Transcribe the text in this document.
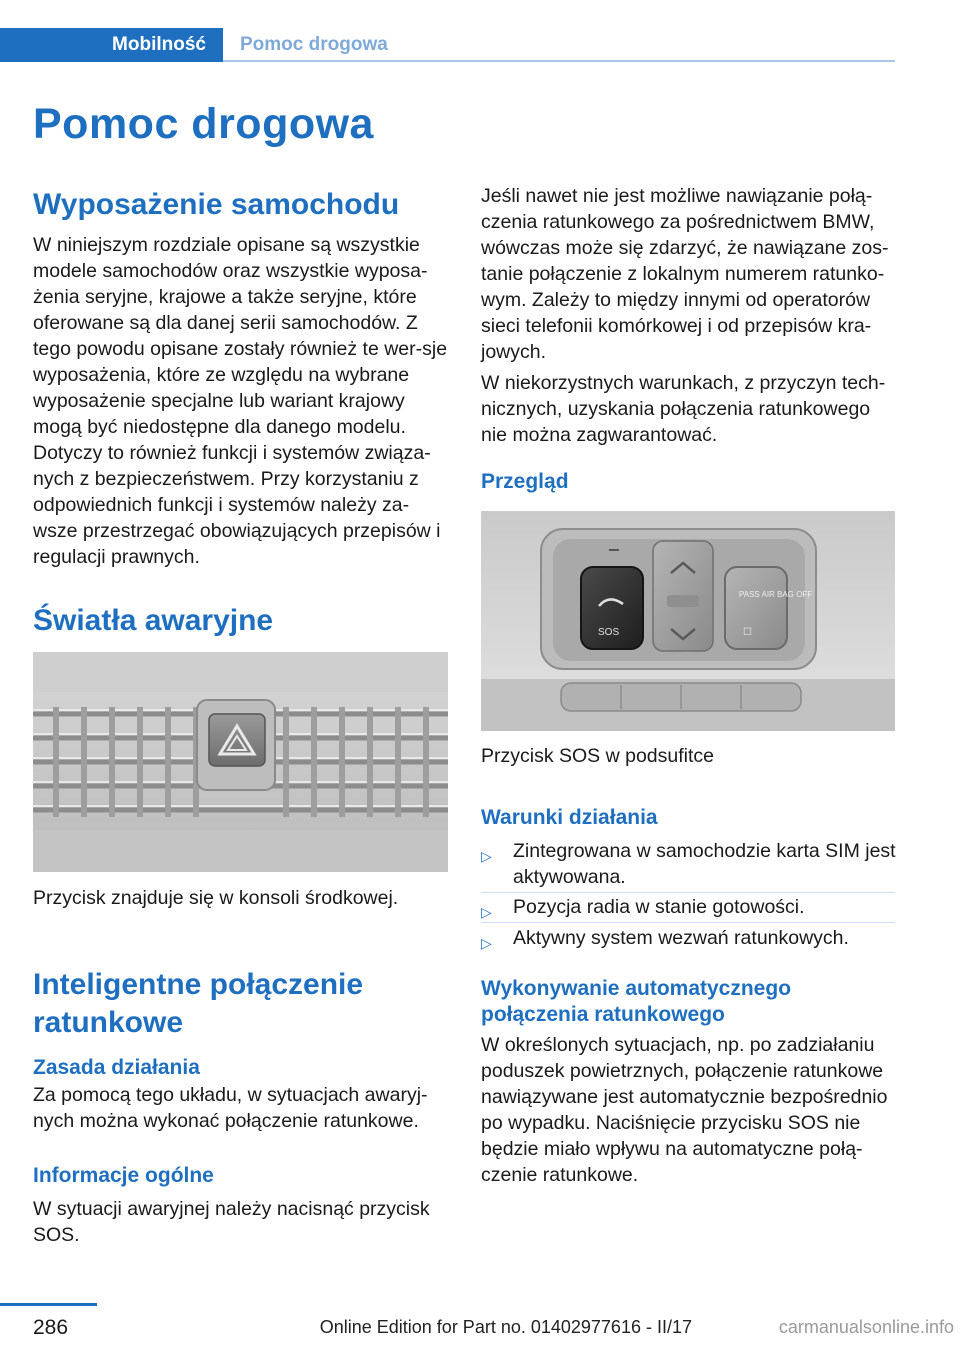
Mobilność	Pomoc drogowa
Pomoc drogowa
Wyposażenie samochodu

W niniejszym rozdziale opisane są wszystkie modele samochodów oraz wszystkie wyposa-żenia seryjne, krajowe a także seryjne, które oferowane są dla danej serii samochodów. Z tego powodu opisane zostały również te wer-sje wyposażenia, które ze względu na wybrane wyposażenie specjalne lub wariant krajowy mogą być niedostępne dla danego modelu. Dotyczy to również funkcji i systemów związa-nych z bezpieczeństwem. Przy korzystaniu z odpowiednich funkcji i systemów należy za-wsze przestrzegać obowiązujących przepisów i regulacji prawnych.

Światła awaryjne

Przycisk znajduje się w konsoli środkowej.

Inteligentne połączenie ratunkowe
Zasada działania

Za pomocą tego układu, w sytuacjach awaryj-nych można wykonać połączenie ratunkowe.

Informacje ogólne

W sytuacji awaryjnej należy nacisnąć przycisk SOS.

Jeśli nawet nie jest możliwe nawiązanie połą-czenia ratunkowego za pośrednictwem BMW, wówczas może się zdarzyć, że nawiązane zos-tanie połączenie z lokalnym numerem ratunko-wym. Zależy to między innymi od operatorów sieci telefonii komórkowej i od przepisów kra-jowych.

W niekorzystnych warunkach, z przyczyn tech-nicznych, uzyskania połączenia ratunkowego nie można zagwarantować.

Przegląd
SOS
PASS AIR BAG OFF
☐

Przycisk SOS w podsufitce

Warunki działania
▷ Zintegrowana w samochodzie karta SIM jest aktywowana.
▷ Pozycja radia w stanie gotowości.
▷ Aktywny system wezwań ratunkowych.
Wykonywanie automatycznego połączenia ratunkowego

W określonych sytuacjach, np. po zadziałaniu poduszek powietrznych, połączenie ratunkowe nawiązywane jest automatycznie bezpośrednio po wypadku. Naciśnięcie przycisku SOS nie będzie miało wpływu na automatyczne połą-czenie ratunkowe.

286	Online Edition for Part no. 01402977616 - II/17	carmanualsonline.info
